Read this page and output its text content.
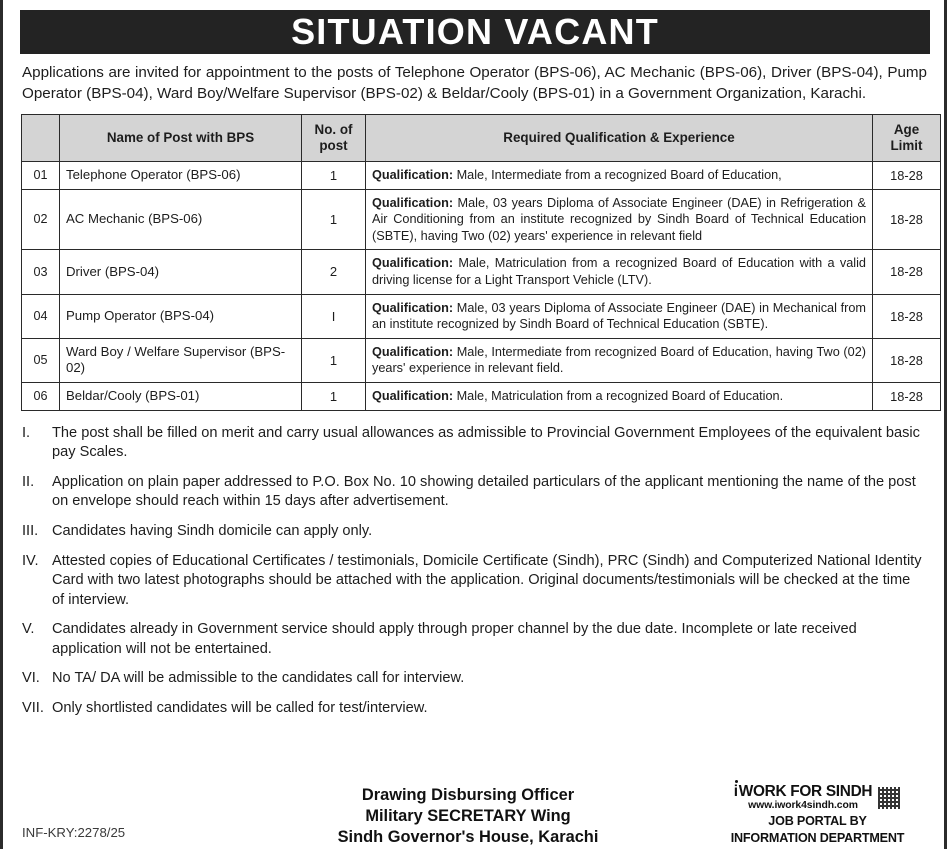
SITUATION VACANT

Applications are invited for appointment to the posts of Telephone Operator (BPS-06), AC Mechanic (BPS-06), Driver (BPS-04), Pump Operator (BPS-04), Ward Boy/Welfare Supervisor (BPS-02) & Beldar/Cooly (BPS-01) in a Government Organization, Karachi.

	Name of Post with BPS	No. of post	Required Qualification & Experience	Age Limit
01	Telephone Operator (BPS-06)	1	Qualification: Male, Intermediate from a recognized Board of Education,	18-28
02	AC Mechanic (BPS-06)	1	Qualification: Male, 03 years Diploma of Associate Engineer (DAE) in Refrigeration & Air Conditioning from an institute recognized by Sindh Board of Technical Education (SBTE), having Two (02) years' experience in relevant field	18-28
03	Driver (BPS-04)	2	Qualification: Male, Matriculation from a recognized Board of Education with a valid driving license for a Light Transport Vehicle (LTV).	18-28
04	Pump Operator (BPS-04)	I	Qualification: Male, 03 years Diploma of Associate Engineer (DAE) in Mechanical from an institute recognized by Sindh Board of Technical Education (SBTE).	18-28
05	Ward Boy / Welfare Supervisor (BPS-02)	1	Qualification: Male, Intermediate from recognized Board of Education, having Two (02) years' experience in relevant field.	18-28
06	Beldar/Cooly (BPS-01)	1	Qualification: Male, Matriculation from a recognized Board of Education.	18-28
I.	The post shall be filled on merit and carry usual allowances as admissible to Provincial Government Employees of the equivalent basic pay Scales.
II.	Application on plain paper addressed to P.O. Box No. 10 showing detailed particulars of the applicant mentioning the name of the post on envelope should reach within 15 days after advertisement.
III. Candidates having Sindh domicile can apply only.
IV. Attested copies of Educational Certificates / testimonials, Domicile Certificate (Sindh), PRC (Sindh) and Computerized National Identity Card with two latest photographs should be attached with the application. Original documents/testimonials will be checked at the time of interview.
V.	Candidates already in Government service should apply through proper channel by the due date. Incomplete or late received application will not be entertained.
VI. No TA/ DA will be admissible to the candidates call for interview.
VII. Only shortlisted candidates will be called for test/interview.
INF-KRY:2278/25
Drawing Disbursing Officer
Military SECRETARY Wing
Sindh Governor's House, Karachi
iWORK FOR SINDH
www.iwork4sindh.com
JOB PORTAL BY
INFORMATION DEPARTMENT
